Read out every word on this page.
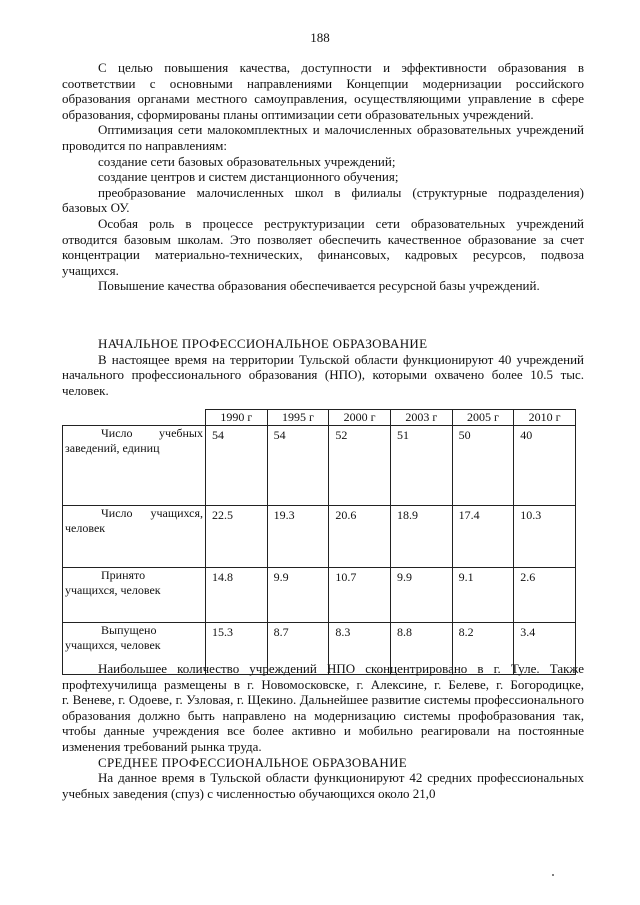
188

С целью повышения качества, доступности и эффективности образования в соответствии с основными направлениями Концепции модернизации российского образования органами местного самоуправления, осуществляющими управление в сфере образования, сформированы планы оптимизации сети образовательных учреждений.

Оптимизация сети малокомплектных и малочисленных образовательных учреждений проводится по направлениям:

создание сети базовых образовательных учреждений;

создание центров и систем дистанционного обучения;

преобразование малочисленных школ в филиалы (структурные подразделения) базовых ОУ.

Особая роль в процессе реструктуризации сети образовательных учреждений отводится базовым школам. Это позволяет обеспечить качественное образование за счет концентрации материально-технических, финансовых, кадровых ресурсов, подвоза учащихся.

Повышение качества образования обеспечивается ресурсной базы учреждений.

НАЧАЛЬНОЕ ПРОФЕССИОНАЛЬНОЕ ОБРАЗОВАНИЕ

В настоящее время на территории Тульской области функционируют 40 учреждений начального профессионального образования (НПО), которыми охвачено более 10.5 тыс. человек.

	1990 г	1995 г	2000 г	2003 г	2005 г	2010 г

Число учебных
заведений, единиц	54	54	52	51	50	40

Число учащихся,
человек	22.5	19.3	20.6	18.9	17.4	10.3

Принято
учащихся, человек	14.8	9.9	10.7	9.9	9.1	2.6

Выпущено
учащихся, человек	15.3	8.7	8.3	8.8	8.2	3.4

Наибольшее количество учреждений НПО сконцентрировано в г. Туле. Также профтехучилища размещены в г. Новомосковске, г. Алексине, г. Белеве, г. Богородицке,

г. Веневе, г. Одоеве, г. Узловая, г. Щекино. Дальнейшее развитие системы профессионального образования должно быть направлено на модернизацию системы профобразования так, чтобы данные учреждения все более активно и мобильно реагировали на постоянные изменения требований рынка труда.

СРЕДНЕЕ ПРОФЕССИОНАЛЬНОЕ ОБРАЗОВАНИЕ

На данное время в Тульской области функционируют 42 средних профессиональных учебных заведения (спуз) с численностью обучающихся около 21,0
